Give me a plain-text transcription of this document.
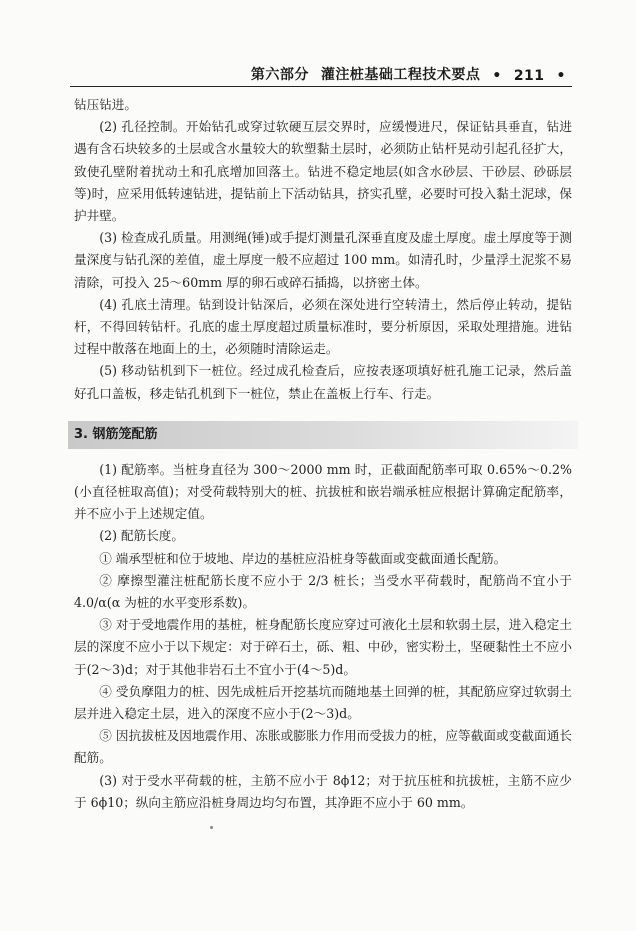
第六部分 灌注桩基础工程技术要点 • 211 •

钻压钻进。

(2) 孔径控制。开始钻孔或穿过软硬互层交界时，应缓慢进尺，保证钻具垂直，钻进遇有含石块较多的土层或含水量较大的软塑黏土层时，必须防止钻杆晃动引起孔径扩大，致使孔壁附着扰动土和孔底增加回落土。钻进不稳定地层(如含水砂层、干砂层、砂砾层等)时，应采用低转速钻进，提钻前上下活动钻具，挤实孔壁，必要时可投入黏土泥球，保护井壁。

(3) 检查成孔质量。用测绳(锤)或手提灯测量孔深垂直度及虚土厚度。虚土厚度等于测量深度与钻孔深的差值，虚土厚度一般不应超过 100 mm。如清孔时，少量浮土泥浆不易清除，可投入 25～60mm 厚的卵石或碎石插捣，以挤密土体。

(4) 孔底土清理。钻到设计钻深后，必须在深处进行空转清土，然后停止转动，提钻杆，不得回转钻杆。孔底的虚土厚度超过质量标准时，要分析原因，采取处理措施。进钻过程中散落在地面上的土，必须随时清除运走。

(5) 移动钻机到下一桩位。经过成孔检查后，应按表逐项填好桩孔施工记录，然后盖好孔口盖板，移走钻孔机到下一桩位，禁止在盖板上行车、行走。

3. 钢筋笼配筋

(1) 配筋率。当桩身直径为 300～2000 mm 时，正截面配筋率可取 0.65%～0.2%(小直径桩取高值)；对受荷载特别大的桩、抗拔桩和嵌岩端承桩应根据计算确定配筋率，并不应小于上述规定值。

(2) 配筋长度。

① 端承型桩和位于坡地、岸边的基桩应沿桩身等截面或变截面通长配筋。

② 摩擦型灌注桩配筋长度不应小于 2/3 桩长；当受水平荷载时，配筋尚不宜小于 4.0/α(α 为桩的水平变形系数)。

③ 对于受地震作用的基桩，桩身配筋长度应穿过可液化土层和软弱土层，进入稳定土层的深度不应小于以下规定：对于碎石土，砾、粗、中砂，密实粉土，坚硬黏性土不应小于(2～3)d；对于其他非岩石土不宜小于(4～5)d。

④ 受负摩阻力的桩、因先成桩后开挖基坑而随地基土回弹的桩，其配筋应穿过软弱土层并进入稳定土层，进入的深度不应小于(2～3)d。

⑤ 因抗拔桩及因地震作用、冻胀或膨胀力作用而受拔力的桩，应等截面或变截面通长配筋。

(3) 对于受水平荷载的桩，主筋不应小于 8ϕ12；对于抗压桩和抗拔桩，主筋不应少于 6ϕ10；纵向主筋应沿桩身周边均匀布置，其净距不应小于 60 mm。
